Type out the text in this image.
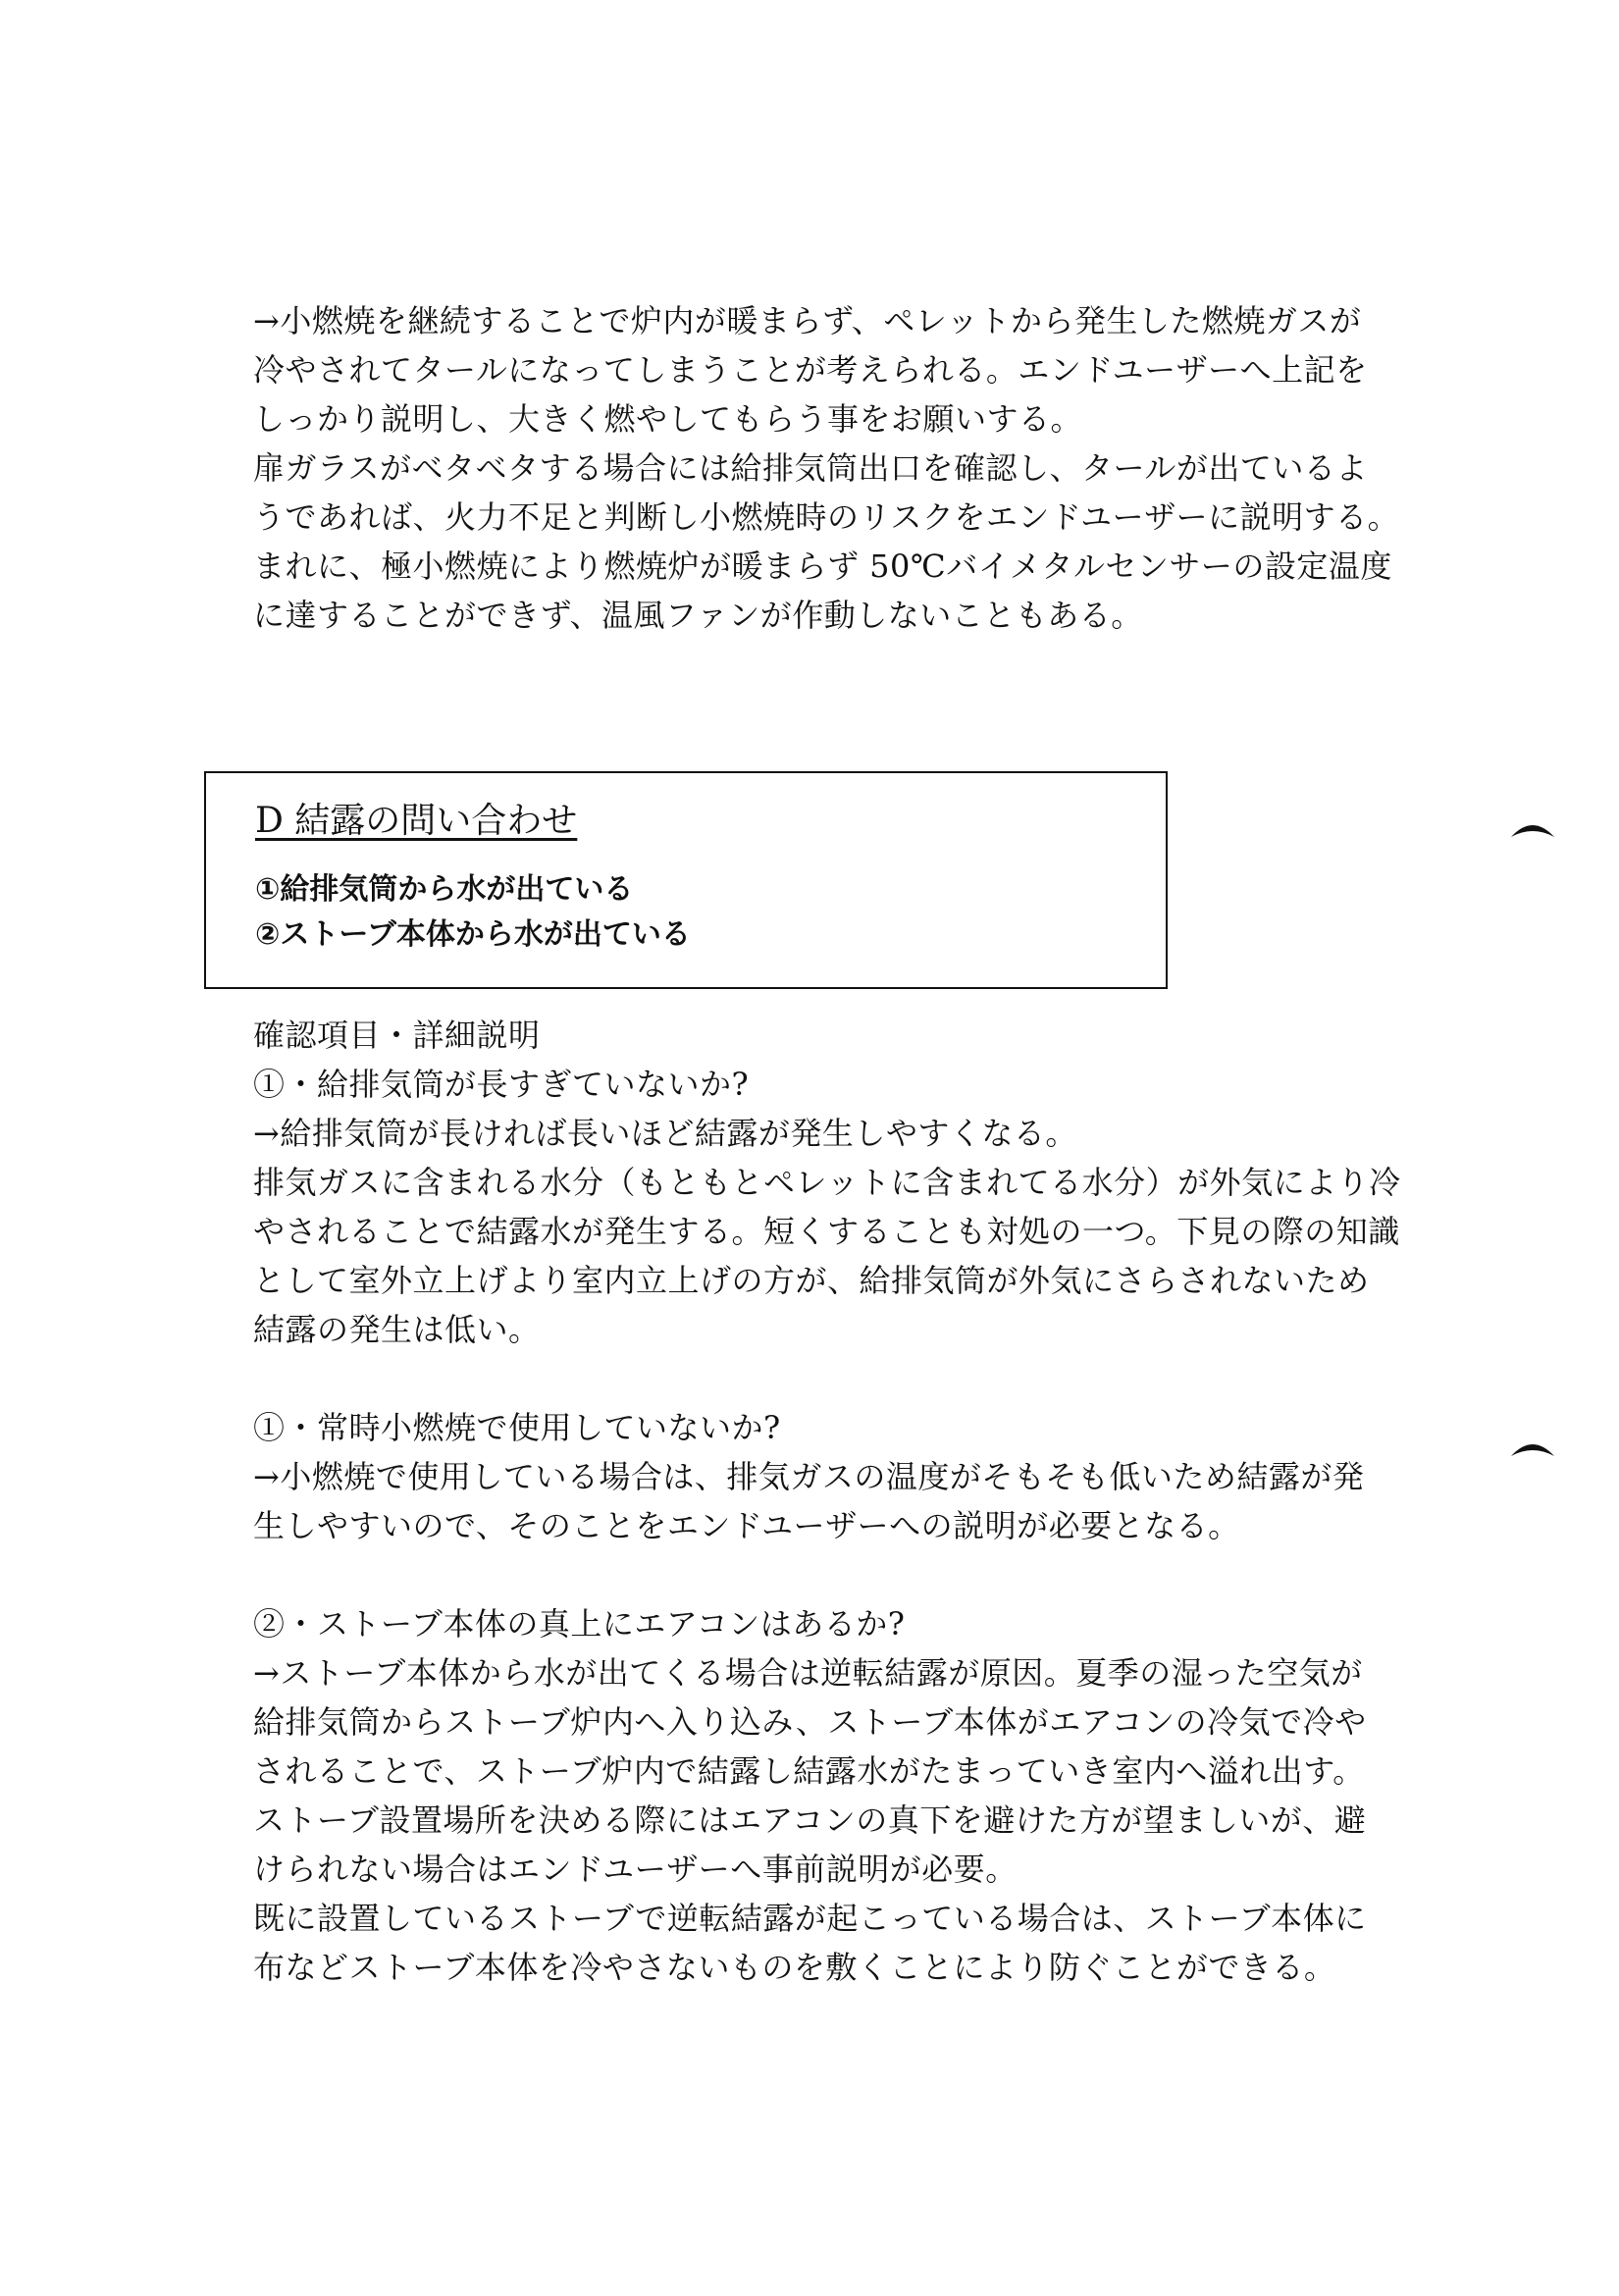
→小燃焼を継続することで炉内が暖まらず、ペレットから発生した燃焼ガスが
冷やされてタールになってしまうことが考えられる。エンドユーザーへ上記を
しっかり説明し、大きく燃やしてもらう事をお願いする。
扉ガラスがベタベタする場合には給排気筒出口を確認し、タールが出ているよ
うであれば、火力不足と判断し小燃焼時のリスクをエンドユーザーに説明する。
まれに、極小燃焼により燃焼炉が暖まらず 50℃バイメタルセンサーの設定温度
に達することができず、温風ファンが作動しないこともある。
D 結露の問い合わせ
①給排気筒から水が出ている
②ストーブ本体から水が出ている
確認項目・詳細説明
①・給排気筒が長すぎていないか?
→給排気筒が長ければ長いほど結露が発生しやすくなる。
排気ガスに含まれる水分（もともとペレットに含まれてる水分）が外気により冷
やされることで結露水が発生する。短くすることも対処の一つ。下見の際の知識
として室外立上げより室内立上げの方が、給排気筒が外気にさらされないため
結露の発生は低い。
①・常時小燃焼で使用していないか?
→小燃焼で使用している場合は、排気ガスの温度がそもそも低いため結露が発
生しやすいので、そのことをエンドユーザーへの説明が必要となる。
②・ストーブ本体の真上にエアコンはあるか?
→ストーブ本体から水が出てくる場合は逆転結露が原因。夏季の湿った空気が
給排気筒からストーブ炉内へ入り込み、ストーブ本体がエアコンの冷気で冷や
されることで、ストーブ炉内で結露し結露水がたまっていき室内へ溢れ出す。
ストーブ設置場所を決める際にはエアコンの真下を避けた方が望ましいが、避
けられない場合はエンドユーザーへ事前説明が必要。
既に設置しているストーブで逆転結露が起こっている場合は、ストーブ本体に
布などストーブ本体を冷やさないものを敷くことにより防ぐことができる。
